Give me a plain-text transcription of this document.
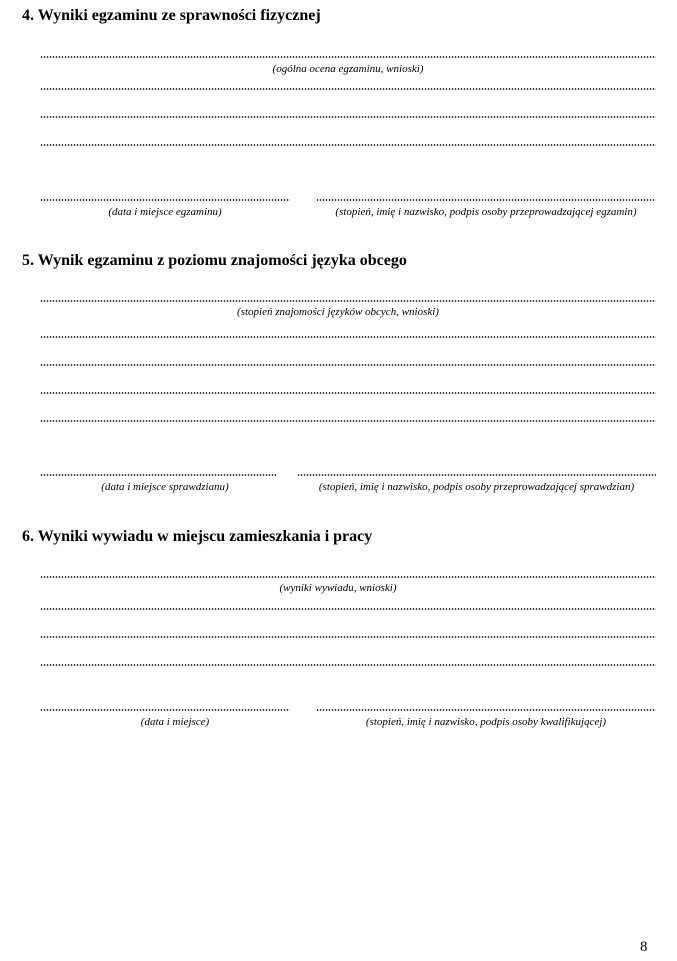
4. Wyniki egzaminu ze sprawności fizycznej
(ogólna ocena egzaminu, wnioski)
(data i miejsce egzaminu)	(stopień, imię i nazwisko, podpis osoby przeprowadzającej egzamin)
5. Wynik egzaminu z poziomu znajomości języka obcego
(stopień znajomości języków obcych, wnioski)
(data i miejsce sprawdzianu)	(stopień, imię i nazwisko, podpis osoby przeprowadzającej sprawdzian)
6. Wyniki wywiadu w miejscu zamieszkania i pracy
(wyniki wywiadu, wnioski)
(data i miejsce)	(stopień, imię i nazwisko, podpis osoby kwalifikującej)
8
